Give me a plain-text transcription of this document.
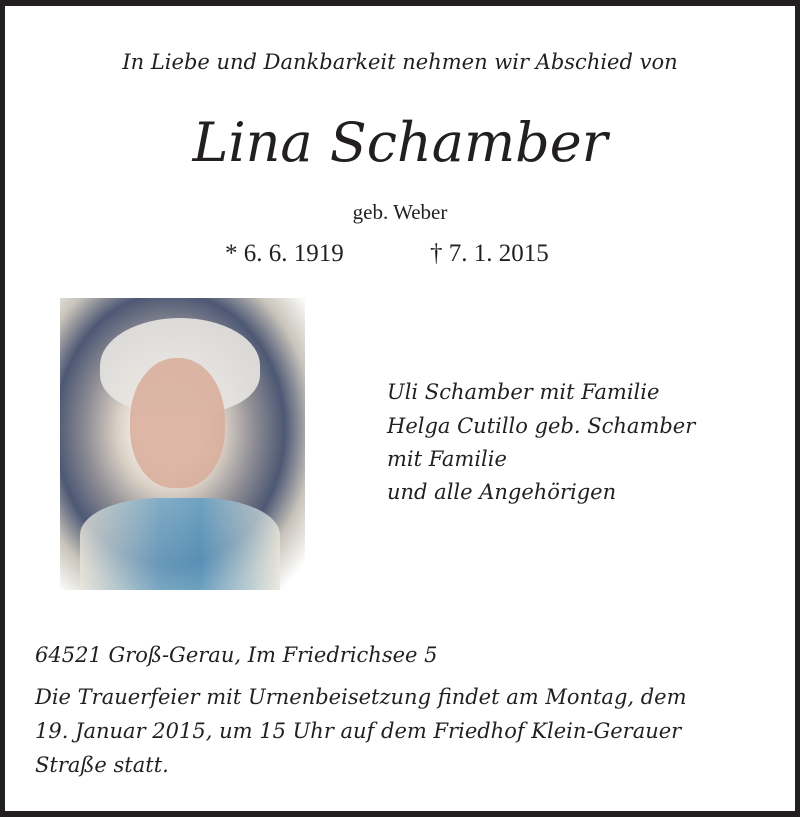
In Liebe und Dankbarkeit nehmen wir Abschied von
Lina Schamber
geb. Weber
* 6. 6. 1919	† 7. 1. 2015
Uli Schamber mit Familie
Helga Cutillo geb. Schamber
mit Familie
und alle Angehörigen
64521 Groß-Gerau, Im Friedrichsee 5
Die Trauerfeier mit Urnenbeisetzung findet am Montag, dem
19. Januar 2015, um 15 Uhr auf dem Friedhof Klein-Gerauer
Straße statt.
